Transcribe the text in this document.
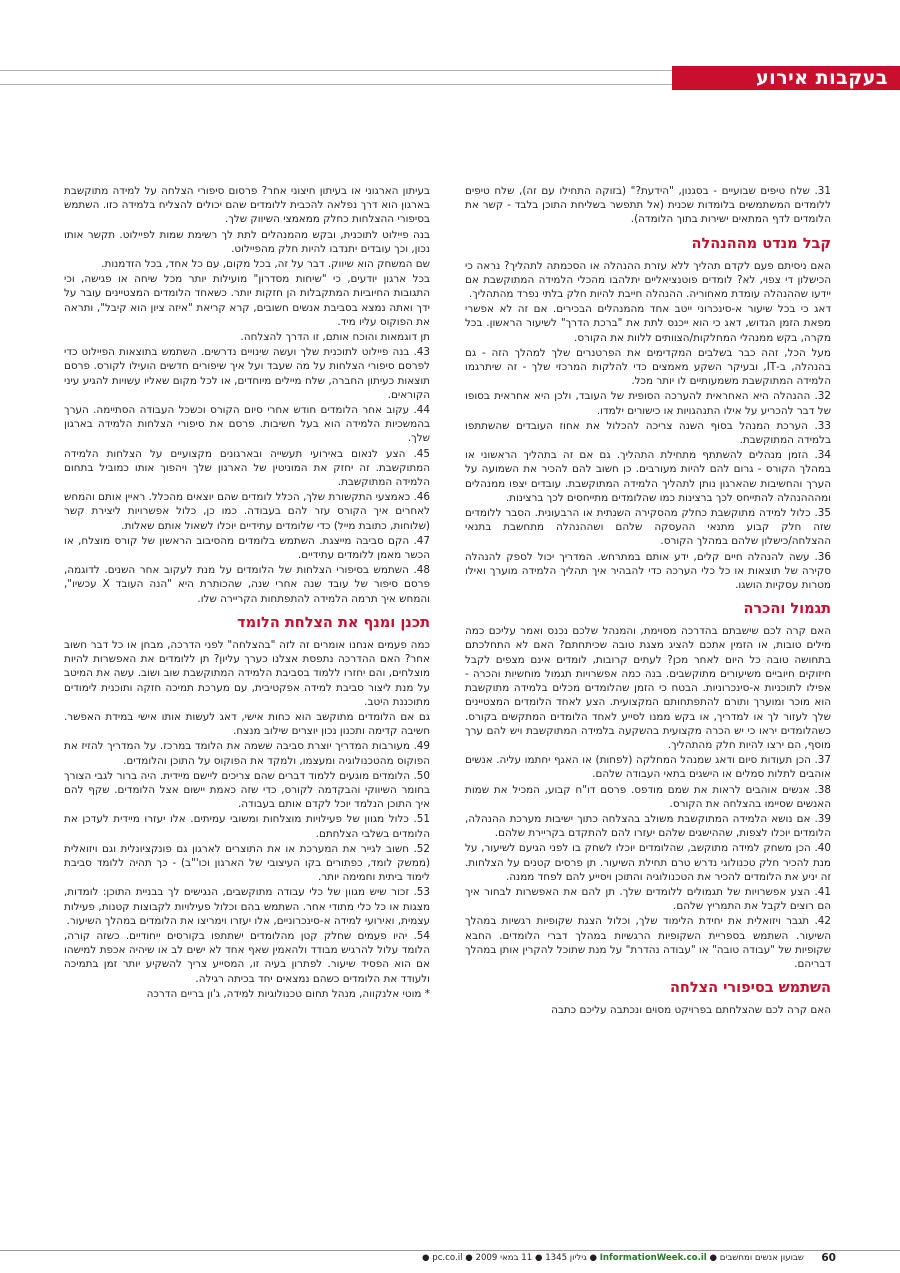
בעקבות אירוע

31. שלח טיפים שבועיים - בסגנון, "הידעת?" (בזוקה התחילו עם זה), שלח טיפים ללומדים המשתמשים בלומדות שכנית (אל תתפשר בשליחת התוכן בלבד - קשר את הלומדים לדף המתאים ישירות בתוך הלומדה).

קבל מנדט מההנהלה

האם ניסיתם פעם לקדם תהליך ללא עזרת ההנהלה או הסכמתה לתהליך? נראה כי הכישלון די צפוי, לא? לומדים פוטנציאליים יתלהבו מהכלי הלמידה המתוקשבת אם יידעו שההנהלה עומדת מאחוריה. ההנהלה חייבת להיות חלק בלתי נפרד מהתהליך.

דאג כי בכל שיעור א-סינכרוני ייטב אחד מהמנהלים הבכירים. אם זה לא אפשרי מפאת הזמן הגדוש, דאג כי הוא ייכנס לתת את "ברכת הדרך" לשיעור הראשון. בכל מקרה, בקש ממנהלי המחלקות/הצוותים ללוות את הקורס.

מעל הכל, זהה כבר בשלבים המקדימים את הפרטנרים שלך למהלך הזה - גם בהנהלה, ב-IT, ובעיקר השקע מאמצים כדי להלקות המרכזי שלך - זה שיתרגמו הלמידה המתוקשבת משמעותיים לו יותר מכל.

32. ההנהלה היא האחראית להערכה הסופית של העובד, ולכן היא אחראית בסופו של דבר להכריע על אילו התנהגויות או כישורים ילמדו.

33. הערכת המנהל בסוף השנה צריכה להכלול את אחוז העובדים שהשתתפו בלמידה המתוקשבת.

34. הזמן מנהלים להשתתף מתחילת התהליך. גם אם זה בתהליך הראשוני או במהלך הקורס - גרום להם להיות מעורבים. כן חשוב להם להכיר את השמועה על הערך והחשיבות שהארגון נותן לתהליך הלמידה המתוקשבת. עובדים יצפו ממנהלים ומהההנהלה להתייחס לכך ברצינות כמו שהלומדים מתייחסים לכך ברצינות.

35. כלול למידה מתוקשבת כחלק מהסקירה השנתית או הרבעונית. הסבר ללומדים שזה חלק קבוע מתנאי ההעסקה שלהם ושההנהלה מתחשבת בתנאי ההצלחה/כישלון שלהם במהלך הקורס.

36. עשה להנהלה חיים קלים, ידע אותם במתרחש. המדריך יכול לספק להנהלה סקירה של תוצאות או כל כלי הערכה כדי להבהיר איך תהליך הלמידה מוערך ואילו מטרות עסקיות הושגו.

תגמול והכרה

האם קרה לכם שישבתם בהדרכה מסוימת, והמנהל שלכם נכנס ואמר עליכם כמה מילים טובות, או הזמין אתכם להציג מצגת טובה שכיתחתם? האם לא התחלכתם בתחושה טובה כל היום לאחר מכן? לעתים קרובות, לומדים אינם מצפים לקבל חיזוקים חיוביים משיעורים מתוקשבים. בנה כמה אפשרויות תגמול מוחשיות והכרה - אפילו לתוכניות א-סינכרוניות. הבטח כי הזמן שהלומדים מכלים בלמידה מתוקשבת הוא מוכר ומוערך ותורם להתפתחותם המקצועית. הצע לאחד הלומדים המצטיינים שלך לעזור לך או למדריך, או בקש ממנו לסייע לאחד הלומדים המתקשים בקורס. כשהלומדים יראו כי יש הכרה מקצועית בהשקעה בלמידה המתוקשבת ויש להם ערך מוסף, הם ירצו להיות חלק מהתהליך.

37. הכן תעודות סיום ודאג שמנהל המחלקה (לפחות) או האגף יחתמו עליה. אנשים אוהבים לתלות סמלים או הישגים בתאי העבודה שלהם.

38. אנשים אוהבים לראות את שמם מודפס. פרסם דו"ח קבוע, המכיל את שמות האנשים שסיימו בהצלחה את הקורס.

39. אם נושא הלמידה המתוקשבת משולב בהצלחה כתוך ישיבות מערכת ההנהלה, הלומדים יוכלו לצפות, שההישגים שלהם יעזרו להם להתקדם בקריירת שלהם.

40. הכן משחק למידה מתוקשב, שהלומדים יוכלו לשחק בו לפני הגיעם לשיעור, על מנת להכיר חלק טכנולוגי נדרש טרם תחילת השיעור. תן פרסים קטנים על הצלחות. זה יניע את הלומדים להכיר את הטכנולוגיה והתוכן ויסייע להם לפחד ממנה.

41. הצע אפשרויות של תגמולים ללומדים שלך. תן להם את האפשרות לבחור איך הם רוצים לקבל את התמריץ שלהם.

42. תגבר ויזואלית את יחידת הלימוד שלך, וכלול הצגת שקופיות רגשיות במהלך השיעור. השתמש בספריית השקופיות הרגשיות במהלך דברי הלומדים. החבא שקופיות של "עבודה טובה" או "עבודה נהדרת" על מנת שתוכל להקרין אותן במהלך דבריהם.

השתמש בסיפורי הצלחה

האם קרה לכם שהצלחתם בפרויקט מסוים ונכתבה עליכם כתבה

בעיתון הארגוני או בעיתון חיצוני אחר? פרסום סיפורי הצלחה על למידה מתוקשבת בארגון הוא דרך נפלאה להכבית ללומדים שהם יכולים להצליח בלמידה כזו. השתמש בסיפורי ההצלחות כחלק ממאמצי השיווק שלך.

בנה פיילוט לתוכנית, ובקש מהמנהלים לתת לך רשימת שמות לפיילוט. תקשר אותו נכון, וכך עובדים יתנדבו להיות חלק מהפיילוט.

שם המשחק הוא שיווק. דבר על זה, בכל מקום, עם כל אחד, בכל הזדמנות.

בכל ארגון יודעים, כי "שיחות מסדרון" מועילות יותר מכל שיחה או פגישה, וכי התגובות החיוביות המתקבלות הן חזקות יותר. כשאחד הלומדים המצטיינים עובר על ידך ואתה נמצא בסביבת אנשים חשובים, קרא קריאת "איזה ציון הוא קיבל", ותראה את הפוקוס עליו מיד.

תן דוגמאות והוכח אותם, זו הדרך להצלחה.

43. בנה פיילוט לתוכנית שלך ועשה שינויים נדרשים. השתמש בתוצאות הפיילוט כדי לפרסם סיפורי הצלחות על מה שעבד ועל איך שיפורים חדשים הועילו לקורס. פרסם תוצאות כעיתון החברה, שלח מיילים מיוחדים, או לכל מקום שאליו עשויות להגיע עיני הקוראים.

44. עקוב אחר הלומדים חודש אחרי סיום הקורס וכשכל העבודה הסתיימה. הערך בהמשכיות הלמידה הוא בעל חשיבות. פרסם את סיפורי הצלחות הלמידה בארגון שלך.

45. הצע לנאום באירועי תעשייה ובארגונים מקצועיים על הצלחות הלמידה המתוקשבת. זה יחזק את המוניטין של הארגון שלך ויהפוך אותו כמוביל בתחום הלמידה המתוקשבת.

46. כאמצעי התקשורת שלך, הכלל לומדים שהם יוצאים מהכלל. ראיין אותם והמחש לאחרים איך הקורס עזר להם בעבודה. כמו כן, כלול אפשרויות ליצירת קשר (שלוחות, כתובת מייל) כדי שלומדים עתידיים יוכלו לשאול אותם שאלות.

47. הקם סביבה מייצגת. השתמש בלומדים מהסיבוב הראשון של קורס מוצלח, או הכשר מאמן ללומדים עתידיים.

48. השתמש בסיפורי הצלחות של הלומדים על מנת לעקוב אחר השנים. לדוגמה, פרסם סיפור של עובד שנה אחרי שנה, שהכותרת היא "הנה העובד X עכשיו", והמחש איך תרמה הלמידה להתפתחות הקריירה שלו.

תכנן ומנף את הצלחת הלומד

כמה פעמים אנחנו אומרים זה לזה "בהצלחה" לפני הדרכה, מבחן או כל דבר חשוב אחר? האם ההדרכה נתפסת אצלנו כערך עליון? תן ללומדים את האפשרות להיות מוצלחים, והם יחזרו ללמוד בסביבת הלמידה המתוקשבת שוב ושוב. עשה את המיטב על מנת ליצור סביבת למידה אפקטיבית, עם מערכת תמיכה חזקה ותוכנית לימודים מתוכננת היטב.

גם אם הלומדים מתוקשב הוא כחות אישי, דאג לעשות אותו אישי במידת האפשר. חשיבה קדימה ותכנון נכון יוצרים שילוב מנצח.

49. מעורבות המדריך יוצרת סביבה ששמה את הלומד במרכז. על המדריך להזיז את הפוקוס מהטכנולוגיה ומעצמו, ולמקד את הפוקוס על התוכן והלומדים.

50. הלומדים מוגעים ללמוד דברים שהם צריכים ליישם מיידית. היה ברור לגבי הצורך בחומר השיווקי והבקדמה לקורס, כדי שזה כאמת יישום אצל הלומדים. שקף להם איך התוכן הנלמד יוכל לקדם אותם בעבודה.

51. כלול מגוון של פעילויות מוצלחות ומשובי עמיתים. אלו יעזרו מיידית לעדכן את הלומדים בשלבי הצלחתם.

52. חשוב לגייר את המערכת או את התוצרים לארגון גם פונקציונלית וגם ויזואלית (ממשק לומד, כפתורים בקו העיצובי של הארגון וכו'"ב) - כך תהיה ללומד סביבת לימוד ביתית וחמימה יותר.

53. זכור שיש מגוון של כלי עבודה מתוקשבים, הנגישים לך בבניית התוכן: לומדות, מצגות או כל כלי מתודי אחר. השתמש בהם וכלול פעילויות לקבוצות קטנות, פעילות עצמית, ואירועי למידה א-סינכרוניים, אלו יעזרו וימריצו את הלומדים במהלך השיעור.

54. יהיו פעמים שחלק קטן מהלומדים ישתתפו בקורסים ייחודיים. כשזה קורה, הלומד עלול להרגיש מבודד ולהאמין שאף אחד לא ישים לב או שיהיה אכפת למישהו אם הוא הפסיד שיעור. לפתרון בעיה זו, המסייע צריך להשקיע יותר זמן בתמיכה ולעודד את הלומדים כשהם נמצאים יחד בכיתה רגילה.

* מוטי אלנקווה, מנהל תחום טכנולוגיות למידה, ג'ון בריים הדרכה

60
שבועון אנשים ומחשבים ● InformationWeek.co.il ● גיליון 1345 ● 11 במאי 2009 ● pc.co.il ●
